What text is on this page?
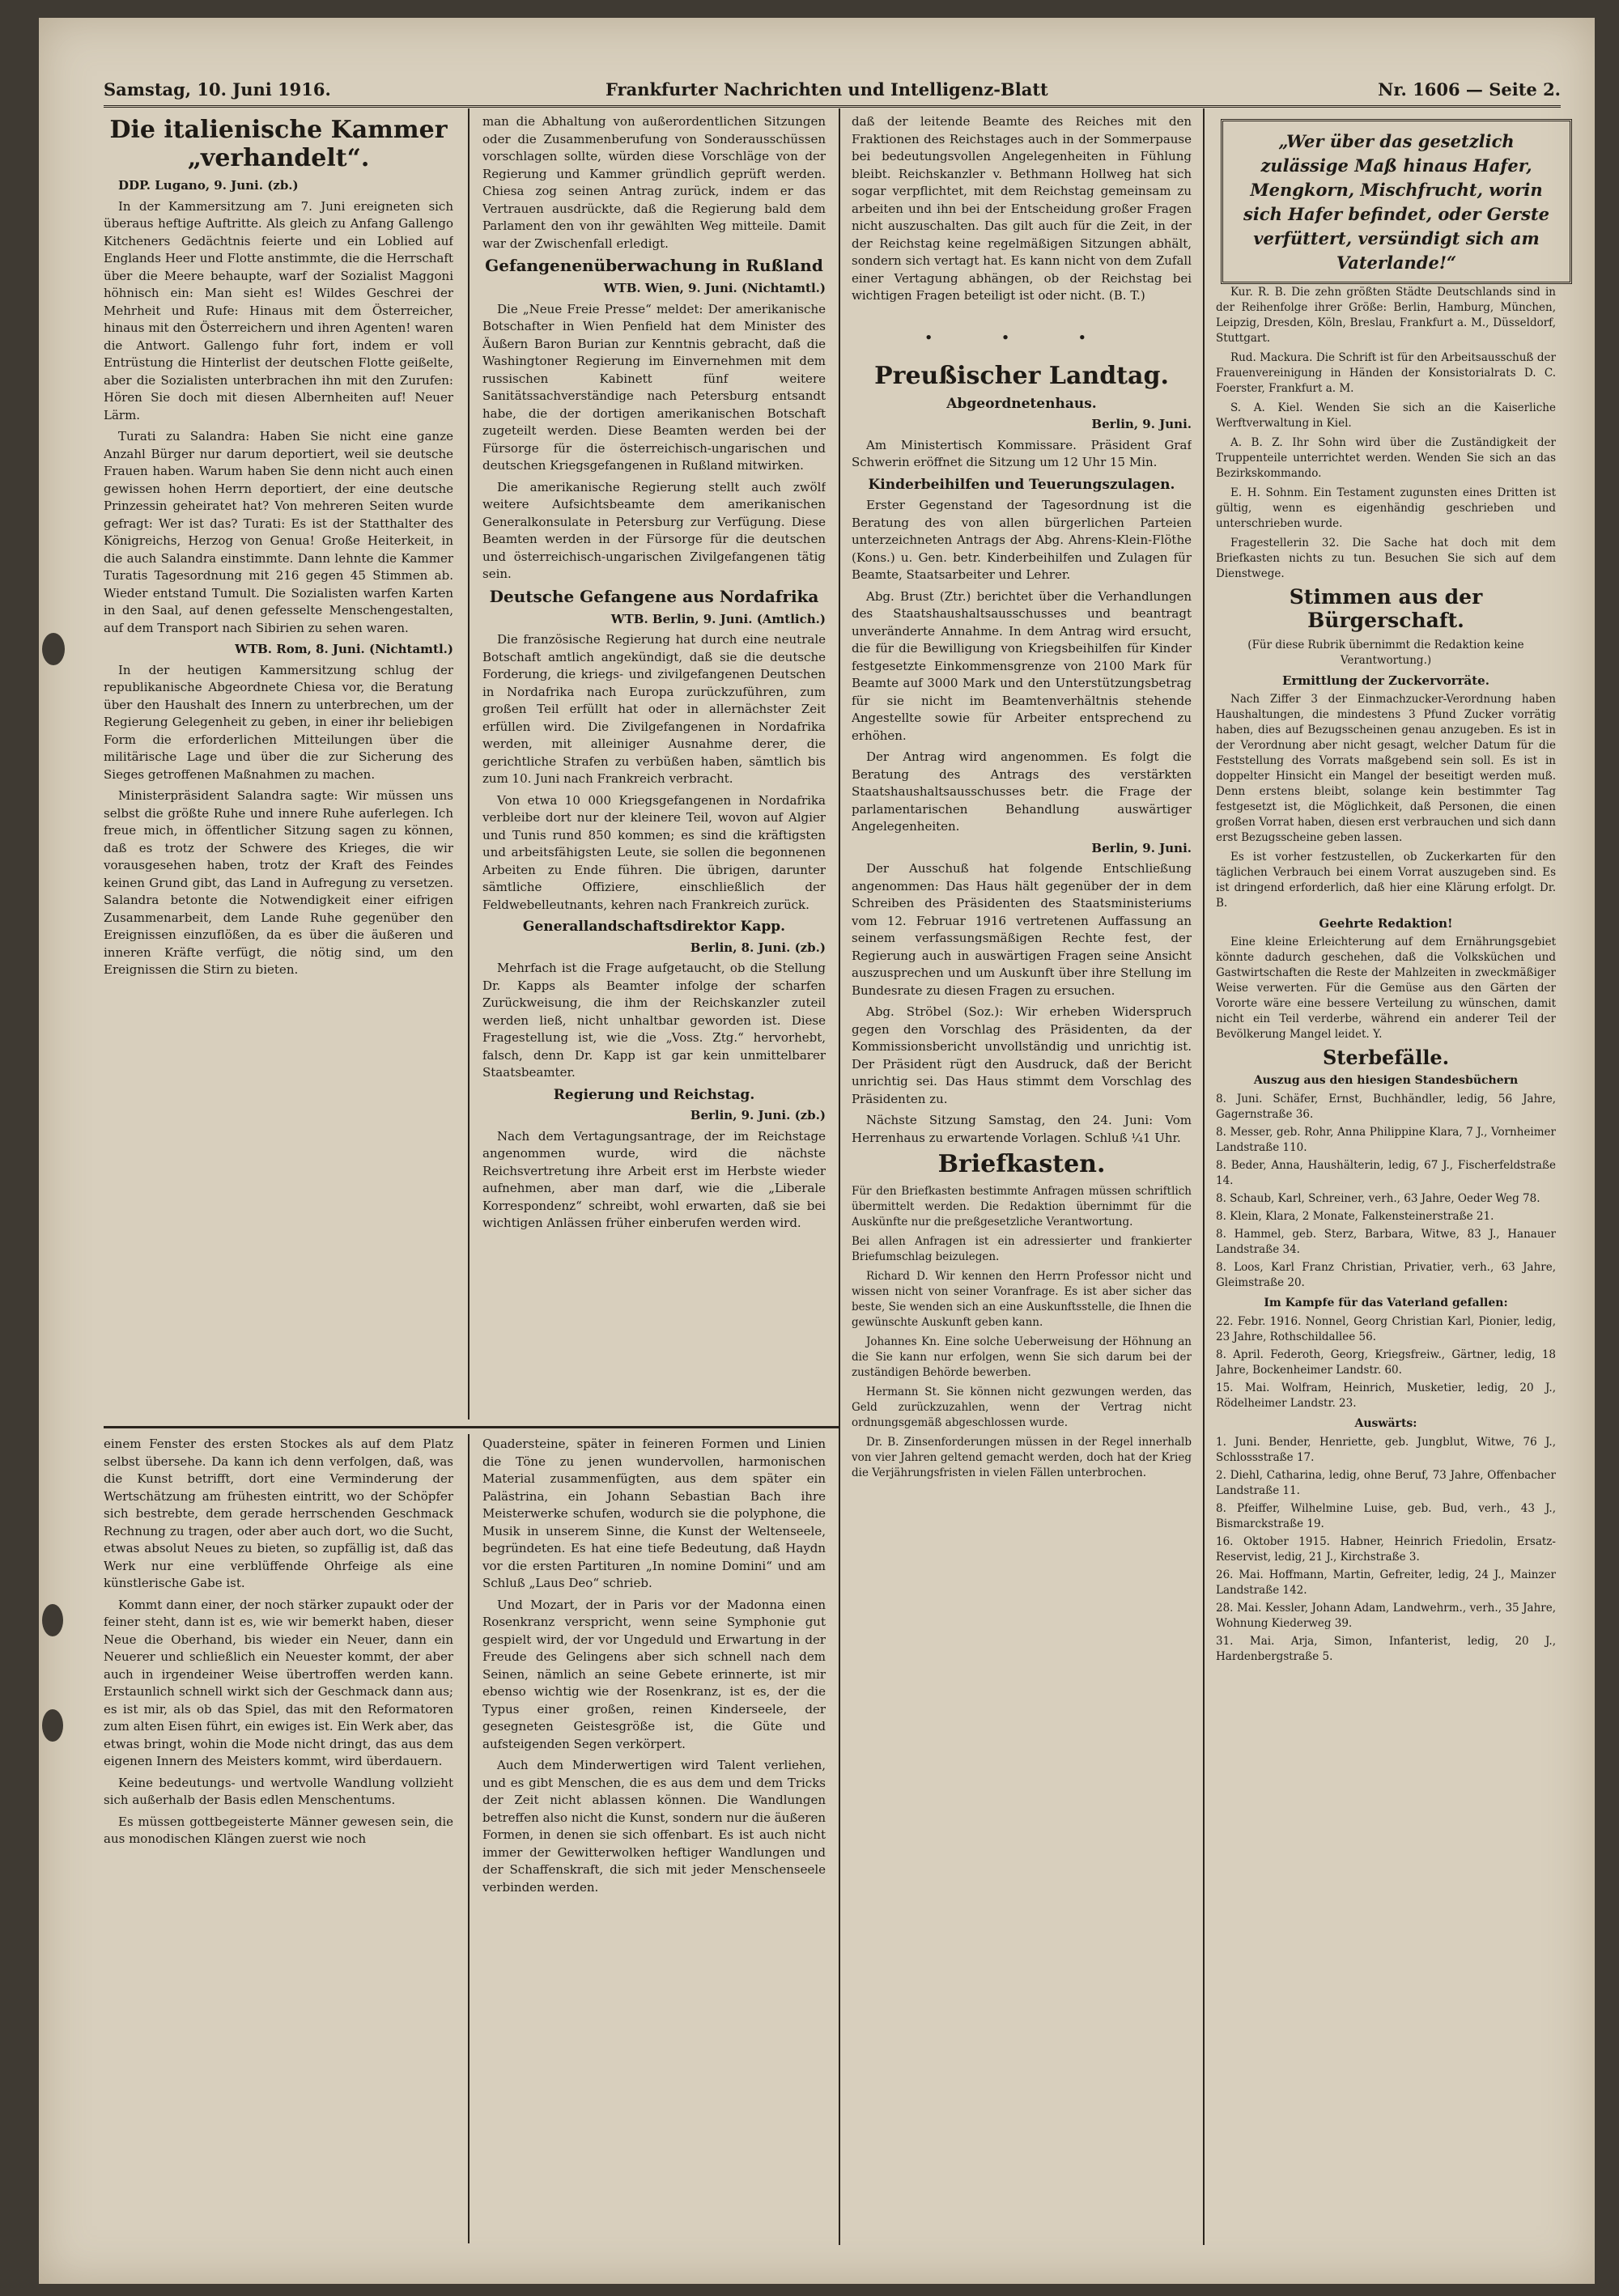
Samstag, 10. Juni 1916.	Frankfurter Nachrichten und Intelligenz-Blatt	Nr. 1606 — Seite 2.
Die italienische Kammer „verhandelt“.
DDP. Lugano, 9. Juni. (zb.)

In der Kammersitzung am 7. Juni ereigneten sich überaus heftige Auftritte. Als gleich zu Anfang Gallengo Kitcheners Gedächtnis feierte und ein Loblied auf Englands Heer und Flotte anstimmte, die die Herrschaft über die Meere behaupte, warf der Sozialist Maggoni höhnisch ein: Man sieht es! Wildes Geschrei der Mehrheit und Rufe: Hinaus mit dem Österreicher, hinaus mit den Österreichern und ihren Agenten! waren die Antwort. Gallengo fuhr fort, indem er voll Entrüstung die Hinterlist der deutschen Flotte geißelte, aber die Sozialisten unterbrachen ihn mit den Zurufen: Hören Sie doch mit diesen Albernheiten auf! Neuer Lärm.

Turati zu Salandra: Haben Sie nicht eine ganze Anzahl Bürger nur darum deportiert, weil sie deutsche Frauen haben. Warum haben Sie denn nicht auch einen gewissen hohen Herrn deportiert, der eine deutsche Prinzessin geheiratet hat? Von mehreren Seiten wurde gefragt: Wer ist das? Turati: Es ist der Statthalter des Königreichs, Herzog von Genua! Große Heiterkeit, in die auch Salandra einstimmte. Dann lehnte die Kammer Turatis Tagesordnung mit 216 gegen 45 Stimmen ab. Wieder entstand Tumult. Die Sozialisten warfen Karten in den Saal, auf denen gefesselte Menschengestalten, auf dem Transport nach Sibirien zu sehen waren.

WTB. Rom, 8. Juni. (Nichtamtl.)

In der heutigen Kammersitzung schlug der republikanische Abgeordnete Chiesa vor, die Beratung über den Haushalt des Innern zu unterbrechen, um der Regierung Gelegenheit zu geben, in einer ihr beliebigen Form die erforderlichen Mitteilungen über die militärische Lage und über die zur Sicherung des Sieges getroffenen Maßnahmen zu machen.

Ministerpräsident Salandra sagte: Wir müssen uns selbst die größte Ruhe und innere Ruhe auferlegen. Ich freue mich, in öffentlicher Sitzung sagen zu können, daß es trotz der Schwere des Krieges, die wir vorausgesehen haben, trotz der Kraft des Feindes keinen Grund gibt, das Land in Aufregung zu versetzen. Salandra betonte die Notwendigkeit einer eifrigen Zusammenarbeit, dem Lande Ruhe gegenüber den Ereignissen einzuflößen, da es über die äußeren und inneren Kräfte verfügt, die nötig sind, um den Ereignissen die Stirn zu bieten.

man die Abhaltung von außerordentlichen Sitzungen oder die Zusammenberufung von Sonderausschüssen vorschlagen sollte, würden diese Vorschläge von der Regierung und Kammer gründlich geprüft werden. Chiesa zog seinen Antrag zurück, indem er das Vertrauen ausdrückte, daß die Regierung bald dem Parlament den von ihr gewählten Weg mitteile. Damit war der Zwischenfall erledigt.

Gefangenenüberwachung in Rußland
WTB. Wien, 9. Juni. (Nichtamtl.)

Die „Neue Freie Presse“ meldet: Der amerikanische Botschafter in Wien Penfield hat dem Minister des Äußern Baron Burian zur Kenntnis gebracht, daß die Washingtoner Regierung im Einvernehmen mit dem russischen Kabinett fünf weitere Sanitätssachverständige nach Petersburg entsandt habe, die der dortigen amerikanischen Botschaft zugeteilt werden. Diese Beamten werden bei der Fürsorge für die österreichisch-ungarischen und deutschen Kriegsgefangenen in Rußland mitwirken.

Die amerikanische Regierung stellt auch zwölf weitere Aufsichtsbeamte dem amerikanischen Generalkonsulate in Petersburg zur Verfügung. Diese Beamten werden in der Fürsorge für die deutschen und österreichisch-ungarischen Zivilgefangenen tätig sein.

Deutsche Gefangene aus Nordafrika
WTB. Berlin, 9. Juni. (Amtlich.)

Die französische Regierung hat durch eine neutrale Botschaft amtlich angekündigt, daß sie die deutsche Forderung, die kriegs- und zivilgefangenen Deutschen in Nordafrika nach Europa zurückzuführen, zum großen Teil erfüllt hat oder in allernächster Zeit erfüllen wird. Die Zivilgefangenen in Nordafrika werden, mit alleiniger Ausnahme derer, die gerichtliche Strafen zu verbüßen haben, sämtlich bis zum 10. Juni nach Frankreich verbracht.

Von etwa 10 000 Kriegsgefangenen in Nordafrika verbleibe dort nur der kleinere Teil, wovon auf Algier und Tunis rund 850 kommen; es sind die kräftigsten und arbeitsfähigsten Leute, sie sollen die begonnenen Arbeiten zu Ende führen. Die übrigen, darunter sämtliche Offiziere, einschließlich der Feldwebelleutnants, kehren nach Frankreich zurück.

Generallandschaftsdirektor Kapp.
Berlin, 8. Juni. (zb.)

Mehrfach ist die Frage aufgetaucht, ob die Stellung Dr. Kapps als Beamter infolge der scharfen Zurückweisung, die ihm der Reichskanzler zuteil werden ließ, nicht unhaltbar geworden ist. Diese Fragestellung ist, wie die „Voss. Ztg.“ hervorhebt, falsch, denn Dr. Kapp ist gar kein unmittelbarer Staatsbeamter.

Regierung und Reichstag.
Berlin, 9. Juni. (zb.)

Nach dem Vertagungsantrage, der im Reichstage angenommen wurde, wird die nächste Reichsvertretung ihre Arbeit erst im Herbste wieder aufnehmen, aber man darf, wie die „Liberale Korrespondenz“ schreibt, wohl erwarten, daß sie bei wichtigen Anlässen früher einberufen werden wird.

daß der leitende Beamte des Reiches mit den Fraktionen des Reichstages auch in der Sommerpause bei bedeutungsvollen Angelegenheiten in Fühlung bleibt. Reichskanzler v. Bethmann Hollweg hat sich sogar verpflichtet, mit dem Reichstag gemeinsam zu arbeiten und ihn bei der Entscheidung großer Fragen nicht auszuschalten. Das gilt auch für die Zeit, in der der Reichstag keine regelmäßigen Sitzungen abhält, sondern sich vertagt hat. Es kann nicht von dem Zufall einer Vertagung abhängen, ob der Reichstag bei wichtigen Fragen beteiligt ist oder nicht. (B. T.)

• • •
Preußischer Landtag.
Abgeordnetenhaus.
Berlin, 9. Juni.

Am Ministertisch Kommissare. Präsident Graf Schwerin eröffnet die Sitzung um 12 Uhr 15 Min.

Kinderbeihilfen und Teuerungszulagen.

Erster Gegenstand der Tagesordnung ist die Beratung des von allen bürgerlichen Parteien unterzeichneten Antrags der Abg. Ahrens-Klein-Flöthe (Kons.) u. Gen. betr. Kinderbeihilfen und Zulagen für Beamte, Staatsarbeiter und Lehrer.

Abg. Brust (Ztr.) berichtet über die Verhandlungen des Staatshaushaltsausschusses und beantragt unveränderte Annahme. In dem Antrag wird ersucht, die für die Bewilligung von Kriegsbeihilfen für Kinder festgesetzte Einkommensgrenze von 2100 Mark für Beamte auf 3000 Mark und den Unterstützungsbetrag für sie nicht im Beamtenverhältnis stehende Angestellte sowie für Arbeiter entsprechend zu erhöhen.

Der Antrag wird angenommen. Es folgt die Beratung des Antrags des verstärkten Staatshaushaltsausschusses betr. die Frage der parlamentarischen Behandlung auswärtiger Angelegenheiten.

Berlin, 9. Juni.

Der Ausschuß hat folgende Entschließung angenommen: Das Haus hält gegenüber der in dem Schreiben des Präsidenten des Staatsministeriums vom 12. Februar 1916 vertretenen Auffassung an seinem verfassungsmäßigen Rechte fest, der Regierung auch in auswärtigen Fragen seine Ansicht auszusprechen und um Auskunft über ihre Stellung im Bundesrate zu diesen Fragen zu ersuchen.

Abg. Ströbel (Soz.): Wir erheben Widerspruch gegen den Vorschlag des Präsidenten, da der Kommissionsbericht unvollständig und unrichtig ist. Der Präsident rügt den Ausdruck, daß der Bericht unrichtig sei. Das Haus stimmt dem Vorschlag des Präsidenten zu.

Nächste Sitzung Samstag, den 24. Juni: Vom Herrenhaus zu erwartende Vorlagen. Schluß ¼1 Uhr.

Briefkasten.

Für den Briefkasten bestimmte Anfragen müssen schriftlich übermittelt werden. Die Redaktion übernimmt für die Auskünfte nur die preßgesetzliche Verantwortung.

Bei allen Anfragen ist ein adressierter und frankierter Briefumschlag beizulegen.

Richard D. Wir kennen den Herrn Professor nicht und wissen nicht von seiner Voranfrage. Es ist aber sicher das beste, Sie wenden sich an eine Auskunftsstelle, die Ihnen die gewünschte Auskunft geben kann.

Johannes Kn. Eine solche Ueberweisung der Höhnung an die Sie kann nur erfolgen, wenn Sie sich darum bei der zuständigen Behörde bewerben.

Hermann St. Sie können nicht gezwungen werden, das Geld zurückzuzahlen, wenn der Vertrag nicht ordnungsgemäß abgeschlossen wurde.

Dr. B. Zinsenforderungen müssen in der Regel innerhalb von vier Jahren geltend gemacht werden, doch hat der Krieg die Verjährungsfristen in vielen Fällen unterbrochen.

„Wer über das gesetzlich zulässige Maß hinaus Hafer, Mengkorn, Mischfrucht, worin sich Hafer befindet, oder Gerste verfüttert, versündigt sich am Vaterlande!“

Kur. R. B. Die zehn größten Städte Deutschlands sind in der Reihenfolge ihrer Größe: Berlin, Hamburg, München, Leipzig, Dresden, Köln, Breslau, Frankfurt a. M., Düsseldorf, Stuttgart.

Rud. Mackura. Die Schrift ist für den Arbeitsausschuß der Frauenvereinigung in Händen der Konsistorialrats D. C. Foerster, Frankfurt a. M.

S. A. Kiel. Wenden Sie sich an die Kaiserliche Werftverwaltung in Kiel.

A. B. Z. Ihr Sohn wird über die Zuständigkeit der Truppenteile unterrichtet werden. Wenden Sie sich an das Bezirkskommando.

E. H. Sohnm. Ein Testament zugunsten eines Dritten ist gültig, wenn es eigenhändig geschrieben und unterschrieben wurde.

Fragestellerin 32. Die Sache hat doch mit dem Briefkasten nichts zu tun. Besuchen Sie sich auf dem Dienstwege.

Stimmen aus der Bürgerschaft.

(Für diese Rubrik übernimmt die Redaktion keine Verantwortung.)

Ermittlung der Zuckervorräte.

Nach Ziffer 3 der Einmachzucker-Verordnung haben Haushaltungen, die mindestens 3 Pfund Zucker vorrätig haben, dies auf Bezugsscheinen genau anzugeben. Es ist in der Verordnung aber nicht gesagt, welcher Datum für die Feststellung des Vorrats maßgebend sein soll. Es ist in doppelter Hinsicht ein Mangel der beseitigt werden muß. Denn erstens bleibt, solange kein bestimmter Tag festgesetzt ist, die Möglichkeit, daß Personen, die einen großen Vorrat haben, diesen erst verbrauchen und sich dann erst Bezugsscheine geben lassen.

Es ist vorher festzustellen, ob Zuckerkarten für den täglichen Verbrauch bei einem Vorrat auszugeben sind. Es ist dringend erforderlich, daß hier eine Klärung erfolgt. Dr. B.

Geehrte Redaktion!

Eine kleine Erleichterung auf dem Ernährungsgebiet könnte dadurch geschehen, daß die Volksküchen und Gastwirtschaften die Reste der Mahlzeiten in zweckmäßiger Weise verwerten. Für die Gemüse aus den Gärten der Vororte wäre eine bessere Verteilung zu wünschen, damit nicht ein Teil verderbe, während ein anderer Teil der Bevölkerung Mangel leidet. Y.

Sterbefälle.
Auszug aus den hiesigen Standesbüchern

8. Juni. Schäfer, Ernst, Buchhändler, ledig, 56 Jahre, Gagernstraße 36.

8. Messer, geb. Rohr, Anna Philippine Klara, 7 J., Vornheimer Landstraße 110.

8. Beder, Anna, Haushälterin, ledig, 67 J., Fischerfeldstraße 14.

8. Schaub, Karl, Schreiner, verh., 63 Jahre, Oeder Weg 78.

8. Klein, Klara, 2 Monate, Falkensteinerstraße 21.

8. Hammel, geb. Sterz, Barbara, Witwe, 83 J., Hanauer Landstraße 34.

8. Loos, Karl Franz Christian, Privatier, verh., 63 Jahre, Gleimstraße 20.

Im Kampfe für das Vaterland gefallen:

22. Febr. 1916. Nonnel, Georg Christian Karl, Pionier, ledig, 23 Jahre, Rothschildallee 56.

8. April. Federoth, Georg, Kriegsfreiw., Gärtner, ledig, 18 Jahre, Bockenheimer Landstr. 60.

15. Mai. Wolfram, Heinrich, Musketier, ledig, 20 J., Rödelheimer Landstr. 23.

Auswärts:

1. Juni. Bender, Henriette, geb. Jungblut, Witwe, 76 J., Schlossstraße 17.

2. Diehl, Catharina, ledig, ohne Beruf, 73 Jahre, Offenbacher Landstraße 11.

8. Pfeiffer, Wilhelmine Luise, geb. Bud, verh., 43 J., Bismarckstraße 19.

16. Oktober 1915. Habner, Heinrich Friedolin, Ersatz-Reservist, ledig, 21 J., Kirchstraße 3.

26. Mai. Hoffmann, Martin, Gefreiter, ledig, 24 J., Mainzer Landstraße 142.

28. Mai. Kessler, Johann Adam, Landwehrm., verh., 35 Jahre, Wohnung Kiederweg 39.

31. Mai. Arja, Simon, Infanterist, ledig, 20 J., Hardenbergstraße 5.

einem Fenster des ersten Stockes als auf dem Platz selbst übersehe. Da kann ich denn verfolgen, daß, was die Kunst betrifft, dort eine Verminderung der Wertschätzung am frühesten eintritt, wo der Schöpfer sich bestrebte, dem gerade herrschenden Geschmack Rechnung zu tragen, oder aber auch dort, wo die Sucht, etwas absolut Neues zu bieten, so zupfällig ist, daß das Werk nur eine verblüffende Ohrfeige als eine künstlerische Gabe ist.

Kommt dann einer, der noch stärker zupaukt oder der feiner steht, dann ist es, wie wir bemerkt haben, dieser Neue die Oberhand, bis wieder ein Neuer, dann ein Neuerer und schließlich ein Neuester kommt, der aber auch in irgendeiner Weise übertroffen werden kann. Erstaunlich schnell wirkt sich der Geschmack dann aus; es ist mir, als ob das Spiel, das mit den Reformatoren zum alten Eisen führt, ein ewiges ist. Ein Werk aber, das etwas bringt, wohin die Mode nicht dringt, das aus dem eigenen Innern des Meisters kommt, wird überdauern.

Keine bedeutungs- und wertvolle Wandlung vollzieht sich außerhalb der Basis edlen Menschentums.

Es müssen gottbegeisterte Männer gewesen sein, die aus monodischen Klängen zuerst wie noch

Quadersteine, später in feineren Formen und Linien die Töne zu jenen wundervollen, harmonischen Material zusammenfügten, aus dem später ein Palästrina, ein Johann Sebastian Bach ihre Meisterwerke schufen, wodurch sie die polyphone, die Musik in unserem Sinne, die Kunst der Weltenseele, begründeten. Es hat eine tiefe Bedeutung, daß Haydn vor die ersten Partituren „In nomine Domini“ und am Schluß „Laus Deo“ schrieb.

Und Mozart, der in Paris vor der Madonna einen Rosenkranz verspricht, wenn seine Symphonie gut gespielt wird, der vor Ungeduld und Erwartung in der Freude des Gelingens aber sich schnell nach dem Seinen, nämlich an seine Gebete erinnerte, ist mir ebenso wichtig wie der Rosenkranz, ist es, der die Typus einer großen, reinen Kinderseele, der gesegneten Geistesgröße ist, die Güte und aufsteigenden Segen verkörpert.

Auch dem Minderwertigen wird Talent verliehen, und es gibt Menschen, die es aus dem und dem Tricks der Zeit nicht ablassen können. Die Wandlungen betreffen also nicht die Kunst, sondern nur die äußeren Formen, in denen sie sich offenbart. Es ist auch nicht immer der Gewitterwolken heftiger Wandlungen und der Schaffenskraft, die sich mit jeder Menschenseele verbinden werden.
